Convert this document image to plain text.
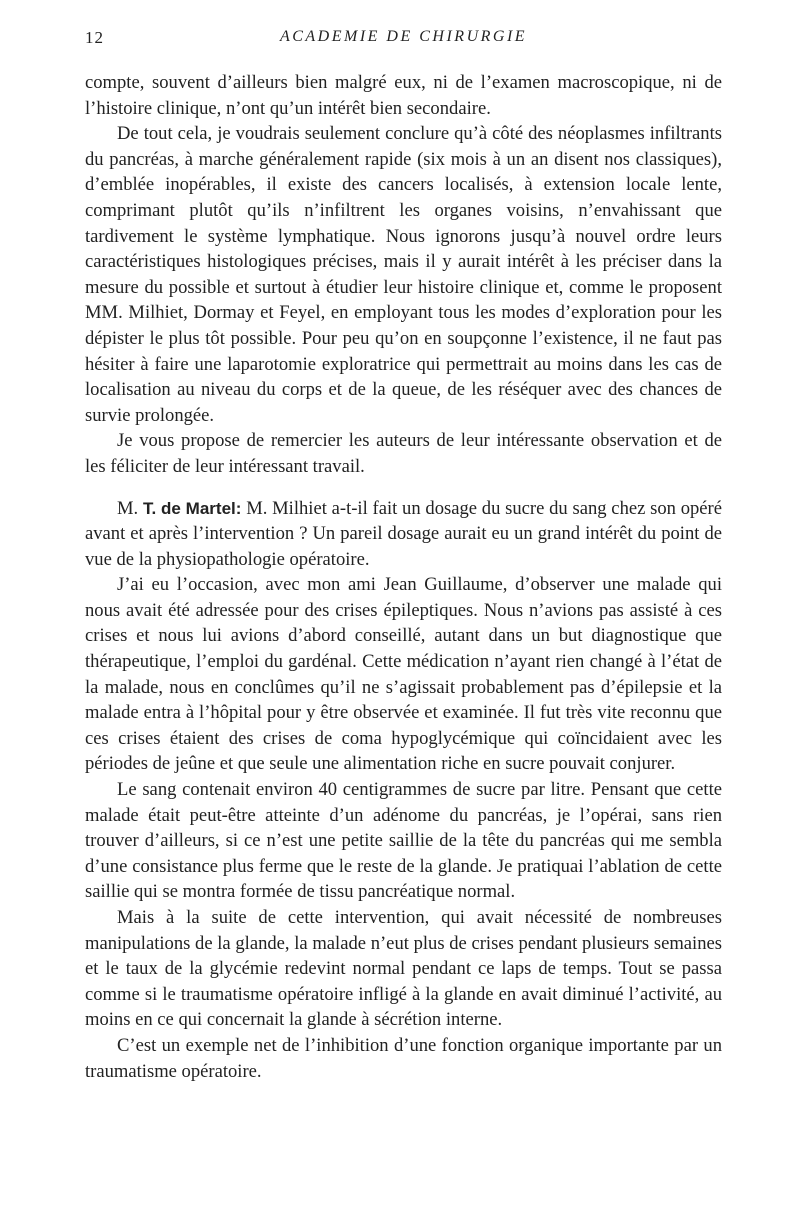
12	ACADEMIE DE CHIRURGIE

compte, souvent d’ailleurs bien malgré eux, ni de l’examen macroscopique, ni de l’histoire clinique, n’ont qu’un intérêt bien secondaire.

De tout cela, je voudrais seulement conclure qu’à côté des néoplasmes infiltrants du pancréas, à marche généralement rapide (six mois à un an disent nos classiques), d’emblée inopérables, il existe des cancers localisés, à extension locale lente, comprimant plutôt qu’ils n’infiltrent les organes voisins, n’envahissant que tardivement le système lymphatique. Nous ignorons jusqu’à nouvel ordre leurs caractéristiques histologiques précises, mais il y aurait intérêt à les préciser dans la mesure du possible et surtout à étudier leur histoire clinique et, comme le proposent MM. Milhiet, Dormay et Feyel, en employant tous les modes d’exploration pour les dépister le plus tôt possible. Pour peu qu’on en soupçonne l’existence, il ne faut pas hésiter à faire une laparotomie exploratrice qui permettrait au moins dans les cas de localisation au niveau du corps et de la queue, de les réséquer avec des chances de survie prolongée.

Je vous propose de remercier les auteurs de leur intéressante observation et de les féliciter de leur intéressant travail.

M. T. de Martel: M. Milhiet a-t-il fait un dosage du sucre du sang chez son opéré avant et après l’intervention ? Un pareil dosage aurait eu un grand intérêt du point de vue de la physiopathologie opératoire.

J’ai eu l’occasion, avec mon ami Jean Guillaume, d’observer une malade qui nous avait été adressée pour des crises épileptiques. Nous n’avions pas assisté à ces crises et nous lui avions d’abord conseillé, autant dans un but diagnostique que thérapeutique, l’emploi du gardénal. Cette médication n’ayant rien changé à l’état de la malade, nous en conclûmes qu’il ne s’agissait probablement pas d’épilepsie et la malade entra à l’hôpital pour y être observée et examinée. Il fut très vite reconnu que ces crises étaient des crises de coma hypoglycémique qui coïncidaient avec les périodes de jeûne et que seule une alimentation riche en sucre pouvait conjurer.

Le sang contenait environ 40 centigrammes de sucre par litre. Pensant que cette malade était peut-être atteinte d’un adénome du pancréas, je l’opérai, sans rien trouver d’ailleurs, si ce n’est une petite saillie de la tête du pancréas qui me sembla d’une consistance plus ferme que le reste de la glande. Je pratiquai l’ablation de cette saillie qui se montra formée de tissu pancréatique normal.

Mais à la suite de cette intervention, qui avait nécessité de nombreuses manipulations de la glande, la malade n’eut plus de crises pendant plusieurs semaines et le taux de la glycémie redevint normal pendant ce laps de temps. Tout se passa comme si le traumatisme opératoire infligé à la glande en avait diminué l’activité, au moins en ce qui concernait la glande à sécrétion interne.

C’est un exemple net de l’inhibition d’une fonction organique importante par un traumatisme opératoire.
